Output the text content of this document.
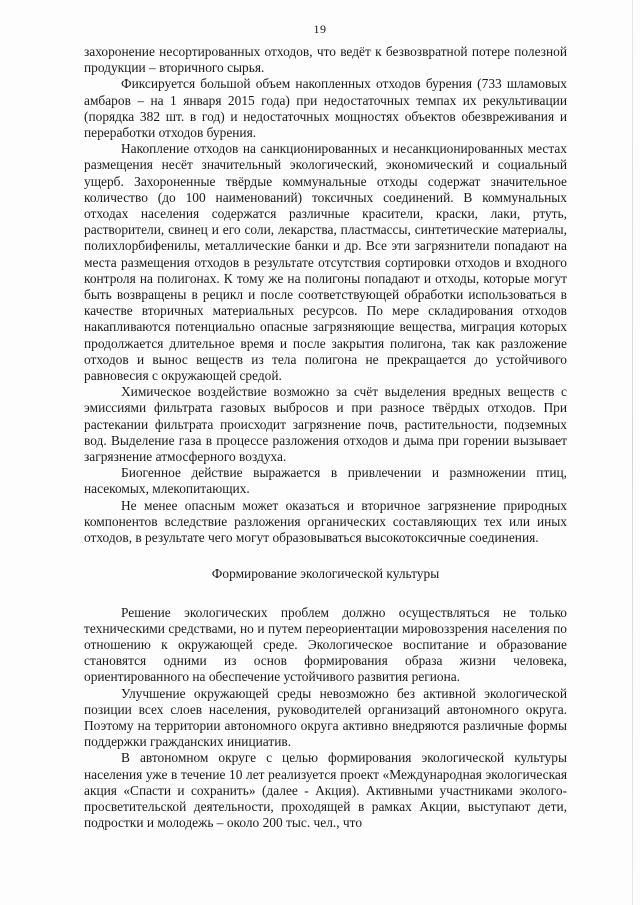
19

захоронение несортированных отходов, что ведёт к безвозвратной потере полезной продукции – вторичного сырья.

Фиксируется большой объем накопленных отходов бурения (733 шламовых амбаров – на 1 января 2015 года) при недостаточных темпах их рекультивации (порядка 382 шт. в год) и недостаточных мощностях объектов обезвреживания и переработки отходов бурения.

Накопление отходов на санкционированных и несанкционированных местах размещения несёт значительный экологический, экономический и социальный ущерб. Захороненные твёрдые коммунальные отходы содержат значительное количество (до 100 наименований) токсичных соединений. В коммунальных отходах населения содержатся различные красители, краски, лаки, ртуть, растворители, свинец и его соли, лекарства, пластмассы, синтетические материалы, полихлорбифенилы, металлические банки и др. Все эти загрязнители попадают на места размещения отходов в результате отсутствия сортировки отходов и входного контроля на полигонах. К тому же на полигоны попадают и отходы, которые могут быть возвращены в рецикл и после соответствующей обработки использоваться в качестве вторичных материальных ресурсов. По мере складирования отходов накапливаются потенциально опасные загрязняющие вещества, миграция которых продолжается длительное время и после закрытия полигона, так как разложение отходов и вынос веществ из тела полигона не прекращается до устойчивого равновесия с окружающей средой.

Химическое воздействие возможно за счёт выделения вредных веществ с эмиссиями фильтрата газовых выбросов и при разносе твёрдых отходов. При растекании фильтрата происходит загрязнение почв, растительности, подземных вод. Выделение газа в процессе разложения отходов и дыма при горении вызывает загрязнение атмосферного воздуха.

Биогенное действие выражается в привлечении и размножении птиц, насекомых, млекопитающих.

Не менее опасным может оказаться и вторичное загрязнение природных компонентов вследствие разложения органических составляющих тех или иных отходов, в результате чего могут образовываться высокотоксичные соединения.

Формирование экологической культуры

Решение экологических проблем должно осуществляться не только техническими средствами, но и путем переориентации мировоззрения населения по отношению к окружающей среде. Экологическое воспитание и образование становятся одними из основ формирования образа жизни человека, ориентированного на обеспечение устойчивого развития региона.

Улучшение окружающей среды невозможно без активной экологической позиции всех слоев населения, руководителей организаций автономного округа. Поэтому на территории автономного округа активно внедряются различные формы поддержки гражданских инициатив.

В автономном округе с целью формирования экологической культуры населения уже в течение 10 лет реализуется проект «Международная экологическая акция «Спасти и сохранить» (далее - Акция). Активными участниками эколого-просветительской деятельности, проходящей в рамках Акции, выступают дети, подростки и молодежь – около 200 тыс. чел., что
